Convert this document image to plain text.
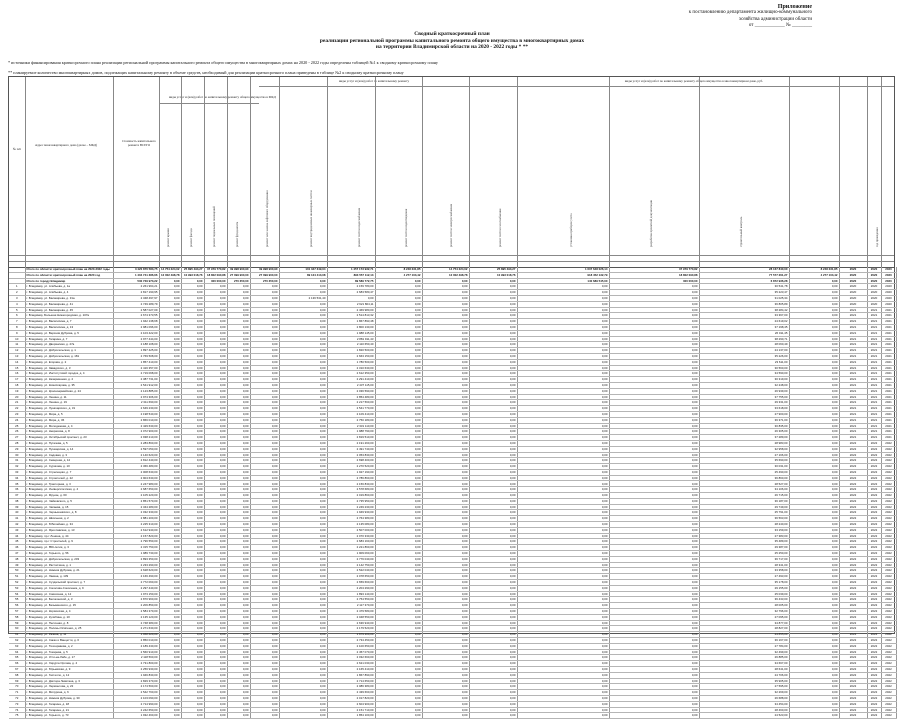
Приложение
к постановлению департамента жилищно-коммунального
хозяйства администрации области
от ____________ № ________
Сводный краткосрочный план
реализации региональной программы капитального ремонта общего имущества в многоквартирных домах
на территории Владимирской области на 2020 - 2022 годы * **
* источники финансирования краткосрочного плана реализации региональной программы капитального ремонта общего имущества в многоквартирных домах на 2020 - 2022 годы определены таблицей №1 к сводному краткосрочному плану
** планируемое количество многоквартирных домов, подлежащих капитальному ремонту в объеме средств, необходимый для реализации краткосрочного плана приведены в таблице №2 к сводному краткосрочному плану
виды услуг и (или) работ по капитальному ремонту	виды услуг и (или) работ по капитальному ремонту общего имущества в многоквартирном доме, руб.
виды услуг и (или) работ по капитальному ремонту общего имущества в МКД
№ п/п
Адрес многоквартирного дома (далее – МКД)
Стоимость капитального ремонта ВСЕГО
ремонт крыши	ремонт фасада	ремонт подвальных помещений	ремонт фундамента	ремонт или замена лифтового оборудования	ремонт внутридомовых инженерных систем	ремонт систем водоснабжения	ремонт систем водоотведения	ремонт систем электроснабжения	ремонт систем газоснабжения	установка приборов учета	разработка проектной документации	строительный контроль	год проведения
	Итого по области: краткосрочный план на 2020-2022 годы	3 420 876 583,75	14 754 224,02	25 895 493,27	37 979 770,82	39 998 900,90	39 998 900,90	101 347 349,04	1 457 173 932,71	8 248 231,85	14 754 224,02	25 895 493,27	1 637 648 026,14	37 979 770,82	28 167 840,00	8 248 231,85	2020	2020	2020
	Итого по области: краткосрочный план на 2020 год	1 404 741 386,66	12 002 498,78	10 993 018,76	18 802 090,88	27 099 900,00	27 099 900,00	89 124 413,08	893 557 112,13	4 277 103,42	12 002 498,78	10 993 018,76	918 452 132,79	18 802 090,88	77 577 261,27	4 277 103,42	2020	2020	2020
	Итого по городу Владимир	530 729 973,22	0,00	0,00	300 000,00	270 350,00	270 350,00	0,00	89 589 772,75	0,00	0,00	0,00	140 689 545,00	300 000,00	6 872 936,28	0,00	2020	2020	2020
1	г. Владимир, ул. Алябьева, д. 1а	2 261 964,21	0,00	0,00	0,00	0,00	0,00	0,00	2 159 780,00	0,00	0,00	0,00	0,00	0,00	30 541,78	0,00	2020	2020	2020
2	г. Владимир, ул. Алябьева, д. 4	2 817 190,95	0,00	0,00	0,00	0,00	0,00	0,00	2 683 580,47	0,00	0,00	0,00	0,00	0,00	35 223,47	0,00	2020	2020	2020
3	г. Владимир, ул. Балакирева, д. 31а	2 348 497,97	0,00	0,00	0,00	0,00	0,00	2 136 531,40	0,00	0,00	0,00	0,00	0,00	0,00	31 025,34	0,00	2020	2020	2020
4	г. Владимир, ул. Балакирева, д. 41	2 749 289,79	0,00	0,00	0,00	0,00	0,00	0,00	2 621 804,11	0,00	0,00	0,00	0,00	0,00	36 805,89	0,00	2020	2020	2020
5	г. Владимир, ул. Балакирева, д. 45	2 587 027,09	0,00	0,00	0,00	0,00	0,00	0,00	2 469 980,00	0,00	0,00	0,00	0,00	0,00	38 284,42	0,00	2021	2021	2021
6	г. Владимир, Большая Нижегородская, д. 107а	2 674 373,55	0,00	0,00	0,00	0,00	0,00	0,00	2 514 813,32	0,00	0,00	0,00	0,00	0,00	33 367,00	0,00	2021	2021	2021
7	г. Владимир, ул. Василисина, д. 7	1 942 138,68	0,00	0,00	0,00	0,00	0,00	0,00	1 867 893,48	0,00	0,00	0,00	0,00	0,00	24 619,02	0,00	2021	2021	2021
8	г. Владимир, ул. Василисина, д. 13	2 981 096,00	0,00	0,00	0,00	0,00	0,00	0,00	2 800 130,00	0,00	0,00	0,00	0,00	0,00	37 198,45	0,00	2021	2021	2021
9	г. Владимир, ул. Верхняя Дуброва, д. 5	2 103 422,00	0,00	0,00	0,00	0,00	0,00	0,00	1 988 145,00	0,00	0,00	0,00	0,00	0,00	26 011,45	0,00	2021	2021	2021
10	г. Владимир, ул. Гагарина, д. 7	2 977 444,00	0,00	0,00	0,00	0,00	0,00	0,00	2 881 911,43	0,00	0,00	0,00	0,00	0,00	38 290,71	0,00	2021	2021	2021
11	г. Владимир, ул. Дворянская, д. 27а	2 188 108,00	0,00	0,00	0,00	0,00	0,00	0,00	2 110 650,40	0,00	0,00	0,00	0,00	0,00	28 060,49	0,00	2021	2021	2021
12	г. Владимир, ул. Добросельская, д. 1	1 897 425,00	0,00	0,00	0,00	0,00	0,00	0,00	1 820 500,00	0,00	0,00	0,00	0,00	0,00	24 137,00	0,00	2021	2021	2021
13	г. Владимир, ул. Добросельская, д. 181	2 769 508,00	0,00	0,00	0,00	0,00	0,00	0,00	2 663 150,00	0,00	0,00	0,00	0,00	0,00	35 226,00	0,00	2021	2021	2021
14	г. Владимир, ул. Егорова, д. 2	1 857 410,00	0,00	0,00	0,00	0,00	0,00	0,00	1 780 500,00	0,00	0,00	0,00	0,00	0,00	23 611,00	0,00	2021	2021	2021
15	г. Владимир, ул. Завадского, д. 3	2 416 357,00	0,00	0,00	0,00	0,00	0,00	0,00	2 310 630,00	0,00	0,00	0,00	0,00	0,00	30 560,00	0,00	2021	2021	2021
16	г. Владимир, ул. Институтский городок, д. 4	2 719 068,00	0,00	0,00	0,00	0,00	0,00	0,00	2 612 350,00	0,00	0,00	0,00	0,00	0,00	34 590,00	0,00	2021	2021	2021
17	г. Владимир, ул. Казарменная, д. 2	2 387 731,00	0,00	0,00	0,00	0,00	0,00	0,00	2 291 410,00	0,00	0,00	0,00	0,00	0,00	30 319,00	0,00	2021	2021	2021
18	г. Владимир, ул. Комиссарова, д. 35	2 541 912,00	0,00	0,00	0,00	0,00	0,00	0,00	2 437 115,00	0,00	0,00	0,00	0,00	0,00	32 248,00	0,00	2021	2021	2021
19	г. Владимир, ул. Красноармейская, д. 24	2 123 885,00	0,00	0,00	0,00	0,00	0,00	0,00	2 036 590,00	0,00	0,00	0,00	0,00	0,00	26 939,00	0,00	2021	2021	2021
20	г. Владимир, ул. Ленина, д. 11	2 974 306,00	0,00	0,00	0,00	0,00	0,00	0,00	2 854 480,00	0,00	0,00	0,00	0,00	0,00	37 755,00	0,00	2021	2021	2021
21	г. Владимир, ул. Ленина, д. 19	2 311 690,00	0,00	0,00	0,00	0,00	0,00	0,00	2 217 560,00	0,00	0,00	0,00	0,00	0,00	29 331,00	0,00	2021	2021	2021
22	г. Владимир, ул. Луначарского, д. 31	2 649 230,00	0,00	0,00	0,00	0,00	0,00	0,00	2 541 770,00	0,00	0,00	0,00	0,00	0,00	33 618,00	0,00	2021	2021	2021
23	г. Владимир, ул. Мира, д. 5	2 198 540,00	0,00	0,00	0,00	0,00	0,00	0,00	2 109 410,00	0,00	0,00	0,00	0,00	0,00	27 900,00	0,00	2021	2021	2021
24	г. Владимир, ул. Мира, д. 36	2 866 010,00	0,00	0,00	0,00	0,00	0,00	0,00	2 750 180,00	0,00	0,00	0,00	0,00	0,00	36 371,00	0,00	2021	2021	2021
25	г. Владимир, ул. Молодежная, д. 4	2 429 630,00	0,00	0,00	0,00	0,00	0,00	0,00	2 331 110,00	0,00	0,00	0,00	0,00	0,00	30 835,00	0,00	2021	2021	2021
26	г. Владимир, ул. Некрасова, д. 8	2 072 900,00	0,00	0,00	0,00	0,00	0,00	0,00	1 988 790,00	0,00	0,00	0,00	0,00	0,00	26 305,00	0,00	2021	2021	2021
27	г. Владимир, ул. Октябрьский проспект, д. 23	2 938 210,00	0,00	0,00	0,00	0,00	0,00	0,00	2 819 510,00	0,00	0,00	0,00	0,00	0,00	37 289,00	0,00	2021	2021	2021
28	г. Владимир, ул. Пугачева, д. 5	2 283 860,00	0,00	0,00	0,00	0,00	0,00	0,00	2 191 260,00	0,00	0,00	0,00	0,00	0,00	28 983,00	0,00	2022	2022	2022
29	г. Владимир, ул. Пушкарская, д. 14	2 597 050,00	0,00	0,00	0,00	0,00	0,00	0,00	2 491 740,00	0,00	0,00	0,00	0,00	0,00	32 958,00	0,00	2022	2022	2022
30	г. Владимир, ул. Садовая, д. 3	2 140 620,00	0,00	0,00	0,00	0,00	0,00	0,00	2 053 830,00	0,00	0,00	0,00	0,00	0,00	27 166,00	0,00	2022	2022	2022
31	г. Владимир, ул. Северная, д. 12	2 812 440,00	0,00	0,00	0,00	0,00	0,00	0,00	2 698 400,00	0,00	0,00	0,00	0,00	0,00	35 690,00	0,00	2022	2022	2022
32	г. Владимир, ул. Сурикова, д. 10	2 366 480,00	0,00	0,00	0,00	0,00	0,00	0,00	2 270 520,00	0,00	0,00	0,00	0,00	0,00	30 031,00	0,00	2022	2022	2022
33	г. Владимир, ул. Стрелецкая, д. 7	2 008 630,00	0,00	0,00	0,00	0,00	0,00	0,00	1 927 190,00	0,00	0,00	0,00	0,00	0,00	25 490,00	0,00	2022	2022	2022
34	г. Владимир, ул. Строителей, д. 22	2 904 630,00	0,00	0,00	0,00	0,00	0,00	0,00	2 786 860,00	0,00	0,00	0,00	0,00	0,00	36 860,00	0,00	2022	2022	2022
35	г. Владимир, ул. Тракторная, д. 3	2 247 980,00	0,00	0,00	0,00	0,00	0,00	0,00	2 156 830,00	0,00	0,00	0,00	0,00	0,00	28 527,00	0,00	2022	2022	2022
36	г. Владимир, ул. Университетская, д. 4	2 687 650,00	0,00	0,00	0,00	0,00	0,00	0,00	2 578 680,00	0,00	0,00	0,00	0,00	0,00	34 106,00	0,00	2022	2022	2022
37	г. Владимир, ул. Фрунзе, д. 60	2 105 220,00	0,00	0,00	0,00	0,00	0,00	0,00	2 019 860,00	0,00	0,00	0,00	0,00	0,00	26 715,00	0,00	2022	2022	2022
38	г. Владимир, ул. Чайковского, д. 5	2 851 570,00	0,00	0,00	0,00	0,00	0,00	0,00	2 735 950,00	0,00	0,00	0,00	0,00	0,00	36 187,00	0,00	2022	2022	2022
39	г. Владимир, ул. Чапаева, д. 15	2 344 280,00	0,00	0,00	0,00	0,00	0,00	0,00	2 249 230,00	0,00	0,00	0,00	0,00	0,00	29 749,00	0,00	2022	2022	2022
40	г. Владимир, ул. Чернышевского, д. 8	2 032 330,00	0,00	0,00	0,00	0,00	0,00	0,00	1 949 930,00	0,00	0,00	0,00	0,00	0,00	25 791,00	0,00	2022	2022	2022
41	г. Владимир, ул. Школьная, д. 2	2 881 200,00	0,00	0,00	0,00	0,00	0,00	0,00	2 764 380,00	0,00	0,00	0,00	0,00	0,00	36 563,00	0,00	2022	2022	2022
42	г. Владимир, ул. Юбилейная, д. 34	2 225 310,00	0,00	0,00	0,00	0,00	0,00	0,00	2 135 080,00	0,00	0,00	0,00	0,00	0,00	28 240,00	0,00	2022	2022	2022
43	г. Владимир, ул. Ярославская, д. 13	2 612 940,00	0,00	0,00	0,00	0,00	0,00	0,00	2 507 000,00	0,00	0,00	0,00	0,00	0,00	33 159,00	0,00	2022	2022	2022
44	г. Владимир, пр-т Ленина, д. 44	2 157 820,00	0,00	0,00	0,00	0,00	0,00	0,00	2 070 330,00	0,00	0,00	0,00	0,00	0,00	27 383,00	0,00	2022	2022	2022
45	г. Владимир, пр-т Строителей, д. 9	2 796 550,00	0,00	0,00	0,00	0,00	0,00	0,00	2 683 160,00	0,00	0,00	0,00	0,00	0,00	35 489,00	0,00	2022	2022	2022
46	г. Владимир, ул. 850-летия, д. 3	2 315 750,00	0,00	0,00	0,00	0,00	0,00	0,00	2 221 860,00	0,00	0,00	0,00	0,00	0,00	29 387,00	0,00	2022	2022	2022
47	г. Владимир, ул. Горького, д. 56	1 989 730,00	0,00	0,00	0,00	0,00	0,00	0,00	1 909 060,00	0,00	0,00	0,00	0,00	0,00	25 250,00	0,00	2022	2022	2022
48	г. Владимир, ул. Добросельская, д. 203	2 893 350,00	0,00	0,00	0,00	0,00	0,00	0,00	2 776 040,00	0,00	0,00	0,00	0,00	0,00	36 717,00	0,00	2022	2022	2022
49	г. Владимир, ул. Растопчина, д. 1	2 233 290,00	0,00	0,00	0,00	0,00	0,00	0,00	2 142 750,00	0,00	0,00	0,00	0,00	0,00	28 341,00	0,00	2022	2022	2022
50	г. Владимир, ул. Нижняя Дуброва, д. 21	2 628 620,00	0,00	0,00	0,00	0,00	0,00	0,00	2 522 040,00	0,00	0,00	0,00	0,00	0,00	33 358,00	0,00	2022	2022	2022
51	г. Владимир, ул. Лакина, д. 139	2 166 490,00	0,00	0,00	0,00	0,00	0,00	0,00	2 078 650,00	0,00	0,00	0,00	0,00	0,00	27 493,00	0,00	2022	2022	2022
52	г. Владимир, ул. Суздальский проспект, д. 7	2 772 060,00	0,00	0,00	0,00	0,00	0,00	0,00	2 659 660,00	0,00	0,00	0,00	0,00	0,00	35 178,00	0,00	2022	2022	2022
53	г. Владимир, ул. Соколова-Соколенка, д. 9	2 297 440,00	0,00	0,00	0,00	0,00	0,00	0,00	2 204 290,00	0,00	0,00	0,00	0,00	0,00	29 155,00	0,00	2022	2022	2022
54	г. Владимир, ул. Совхозная, д. 12	1 973 150,00	0,00	0,00	0,00	0,00	0,00	0,00	1 893 140,00	0,00	0,00	0,00	0,00	0,00	25 039,00	0,00	2022	2022	2022
55	г. Владимир, ул. Белоконской, д. 3	2 870 960,00	0,00	0,00	0,00	0,00	0,00	0,00	2 754 550,00	0,00	0,00	0,00	0,00	0,00	36 433,00	0,00	2022	2022	2022
56	г. Владимир, ул. Безыменского, д. 15	2 206 850,00	0,00	0,00	0,00	0,00	0,00	0,00	2 117 370,00	0,00	0,00	0,00	0,00	0,00	28 005,00	0,00	2022	2022	2022
57	г. Владимир, ул. Кирзачская, д. 4	2 584 370,00	0,00	0,00	0,00	0,00	0,00	0,00	2 479 580,00	0,00	0,00	0,00	0,00	0,00	32 796,00	0,00	2022	2022	2022
58	г. Владимир, ул. Кулибина, д. 10	2 135 120,00	0,00	0,00	0,00	0,00	0,00	0,00	2 048 550,00	0,00	0,00	0,00	0,00	0,00	27 095,00	0,00	2022	2022	2022
59	г. Владимир, ул. Песочная, д. 8	2 748 380,00	0,00	0,00	0,00	0,00	0,00	0,00	2 636 940,00	0,00	0,00	0,00	0,00	0,00	34 877,00	0,00	2022	2022	2022
60	г. Владимир, ул. Полины Осипенко, д. 25	2 271 630,00	0,00	0,00	0,00	0,00	0,00	0,00	2 179 520,00	0,00	0,00	0,00	0,00	0,00	28 827,00	0,00	2022	2022	2022
61	г. Владимир, ул. Разина, д. 11	1 958 620,00	0,00	0,00	0,00	0,00	0,00	0,00	1 879 200,00	0,00	0,00	0,00	0,00	0,00	24 855,00	0,00	2022	2022	2022
62	г. Владимир, ул. Сакко и Ванцетти, д. 6	2 850 010,00	0,00	0,00	0,00	0,00	0,00	0,00	2 734 450,00	0,00	0,00	0,00	0,00	0,00	36 167,00	0,00	2022	2022	2022
63	г. Владимир, ул. Тихонравова, д. 2	2 189 430,00	0,00	0,00	0,00	0,00	0,00	0,00	2 100 650,00	0,00	0,00	0,00	0,00	0,00	27 784,00	0,00	2022	2022	2022
64	г. Владимир, ул. Токарева, д. 5	2 560 910,00	0,00	0,00	0,00	0,00	0,00	0,00	2 457 070,00	0,00	0,00	0,00	0,00	0,00	32 499,00	0,00	2022	2022	2022
65	г. Владимир, ул. Усти-на-Лабе, д. 17	2 118 560,00	0,00	0,00	0,00	0,00	0,00	0,00	2 032 660,00	0,00	0,00	0,00	0,00	0,00	26 885,00	0,00	2022	2022	2022
66	г. Владимир, ул. Хирурга Орлова, д. 4	2 731 800,00	0,00	0,00	0,00	0,00	0,00	0,00	2 621 030,00	0,00	0,00	0,00	0,00	0,00	34 667,00	0,00	2022	2022	2022
67	г. Владимир, ул. Юрьевская, д. 9	2 256 930,00	0,00	0,00	0,00	0,00	0,00	0,00	2 165 410,00	0,00	0,00	0,00	0,00	0,00	28 641,00	0,00	2022	2022	2022
68	г. Владимир, ул. Гастелло, д. 12	1 946 830,00	0,00	0,00	0,00	0,00	0,00	0,00	1 867 890,00	0,00	0,00	0,00	0,00	0,00	24 706,00	0,00	2022	2022	2022
69	г. Владимир, ул. Диктора Левитана, д. 3	2 829 370,00	0,00	0,00	0,00	0,00	0,00	0,00	2 714 650,00	0,00	0,00	0,00	0,00	0,00	35 905,00	0,00	2022	2022	2022
70	г. Владимир, ул. Лермонтова, д. 22	2 174 560,00	0,00	0,00	0,00	0,00	0,00	0,00	2 086 380,00	0,00	0,00	0,00	0,00	0,00	27 595,00	0,00	2022	2022	2022
71	г. Владимир, ул. Мичурина, д. 6	2 542 760,00	0,00	0,00	0,00	0,00	0,00	0,00	2 439 660,00	0,00	0,00	0,00	0,00	0,00	32 269,00	0,00	2022	2022	2022
72	г. Владимир, ул. Нижняя Дуброва, д. 30	2 103 090,00	0,00	0,00	0,00	0,00	0,00	0,00	2 017 820,00	0,00	0,00	0,00	0,00	0,00	26 688,00	0,00	2022	2022	2022
73	г. Владимир, ул. Гагарина, д. 18	2 714 990,00	0,00	0,00	0,00	0,00	0,00	0,00	2 604 900,00	0,00	0,00	0,00	0,00	0,00	34 454,00	0,00	2022	2022	2022
74	г. Владимир, ул. Гагарина, д. 21	2 242 650,00	0,00	0,00	0,00	0,00	0,00	0,00	2 151 710,00	0,00	0,00	0,00	0,00	0,00	28 460,00	0,00	2022	2022	2022
75	г. Владимир, ул. Горького, д. 73	1 932 460,00	0,00	0,00	0,00	0,00	0,00	0,00	1 854 100,00	0,00	0,00	0,00	0,00	0,00	24 523,00	0,00	2022	2022	2022
